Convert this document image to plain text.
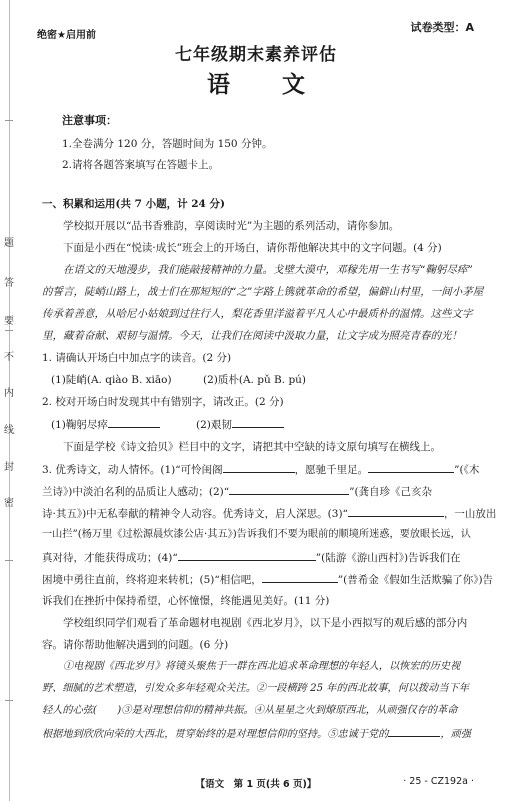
题
答
要
不
内
线
封
密
绝密★启用前
试卷类型：A
七年级期末素养评估
语 文
注意事项：
1.全卷满分 120 分，答题时间为 150 分钟。
2.请将各题答案填写在答题卡上。
一、积累和运用(共 7 小题，计 24 分)
学校拟开展以“品书香雅韵，享阅读时光”为主题的系列活动，请你参加。
下面是小西在“悦读·成长”班会上的开场白，请你帮他解决其中的文字问题。(4 分)
在语文的天地漫步，我们能敲接精神的力量。戈壁大漠中，邓稼先用一生书写“鞠躬尽瘁”
的誓言，陡峭山路上，战士们在那短短的“之”字路上镌就革命的希望，偏僻山村里，一间小茅屋
传承着善意，从哈尼小姑娘到过往行人，梨花香里洋溢着平凡人心中最质朴的温情。这些文字
里，藏着奋献、艰韧与温情。今天，让我们在阅读中汲取力量，让文字成为照亮青春的光！
1. 请确认开场白中加点字的读音。(2 分)
(1)陡峭(A. qiào B. xiāo)	(2)质朴(A. pǔ B. pú)
2. 校对开场白时发现其中有错别字，请改正。(2 分)
(1)鞠躬尽瘁	(2)艰韧
下面是学校《诗文拾贝》栏目中的文字，请把其中空缺的诗文原句填写在横线上。
3. 优秀诗文，动人情怀。(1)“可怜闺阁	，愿驰千里足。	”(《木
兰诗》)中淡泊名利的品质让人感动；(2)“	”(龚自珍《己亥杂
诗·其五》)中无私奉献的精神令人动容。优秀诗文，启人深思。(3)“	，一山放出
一山拦”(杨万里《过松源晨炊漆公店·其五》)告诉我们不要为眼前的顺境所迷惑，要放眼长远，认
真对待，才能获得成功；(4)“	”(陆游《游山西村》)告诉我们在
困境中勇往直前，终将迎来转机；(5)“相信吧，	”(普希金《假如生活欺骗了你》)告
诉我们在挫折中保持希望，心怀憧憬，终能遇见美好。(11 分)
学校组织同学们观看了革命题材电视剧《西北岁月》，以下是小西拟写的观后感的部分内
容。请你帮助他解决遇到的问题。(6 分)
①电视剧《西北岁月》将镜头聚焦于一群在西北追求革命理想的年轻人，以恢宏的历史视
野、细腻的艺术塑造，引发众多年轻观众关注。②一段横跨 25 年的西北故事，何以拨动当下年
轻人的心弦(　　)③是对理想信仰的精神共振。④从星星之火到燎原西北，从顽强仅存的革命
根据地到欣欣向荣的大西北，贯穿始终的是对理想信仰的坚持。⑤忠诚于党的	，顽强
【语文　第 1 页(共 6 页)】	· 25 - CZ192a ·
